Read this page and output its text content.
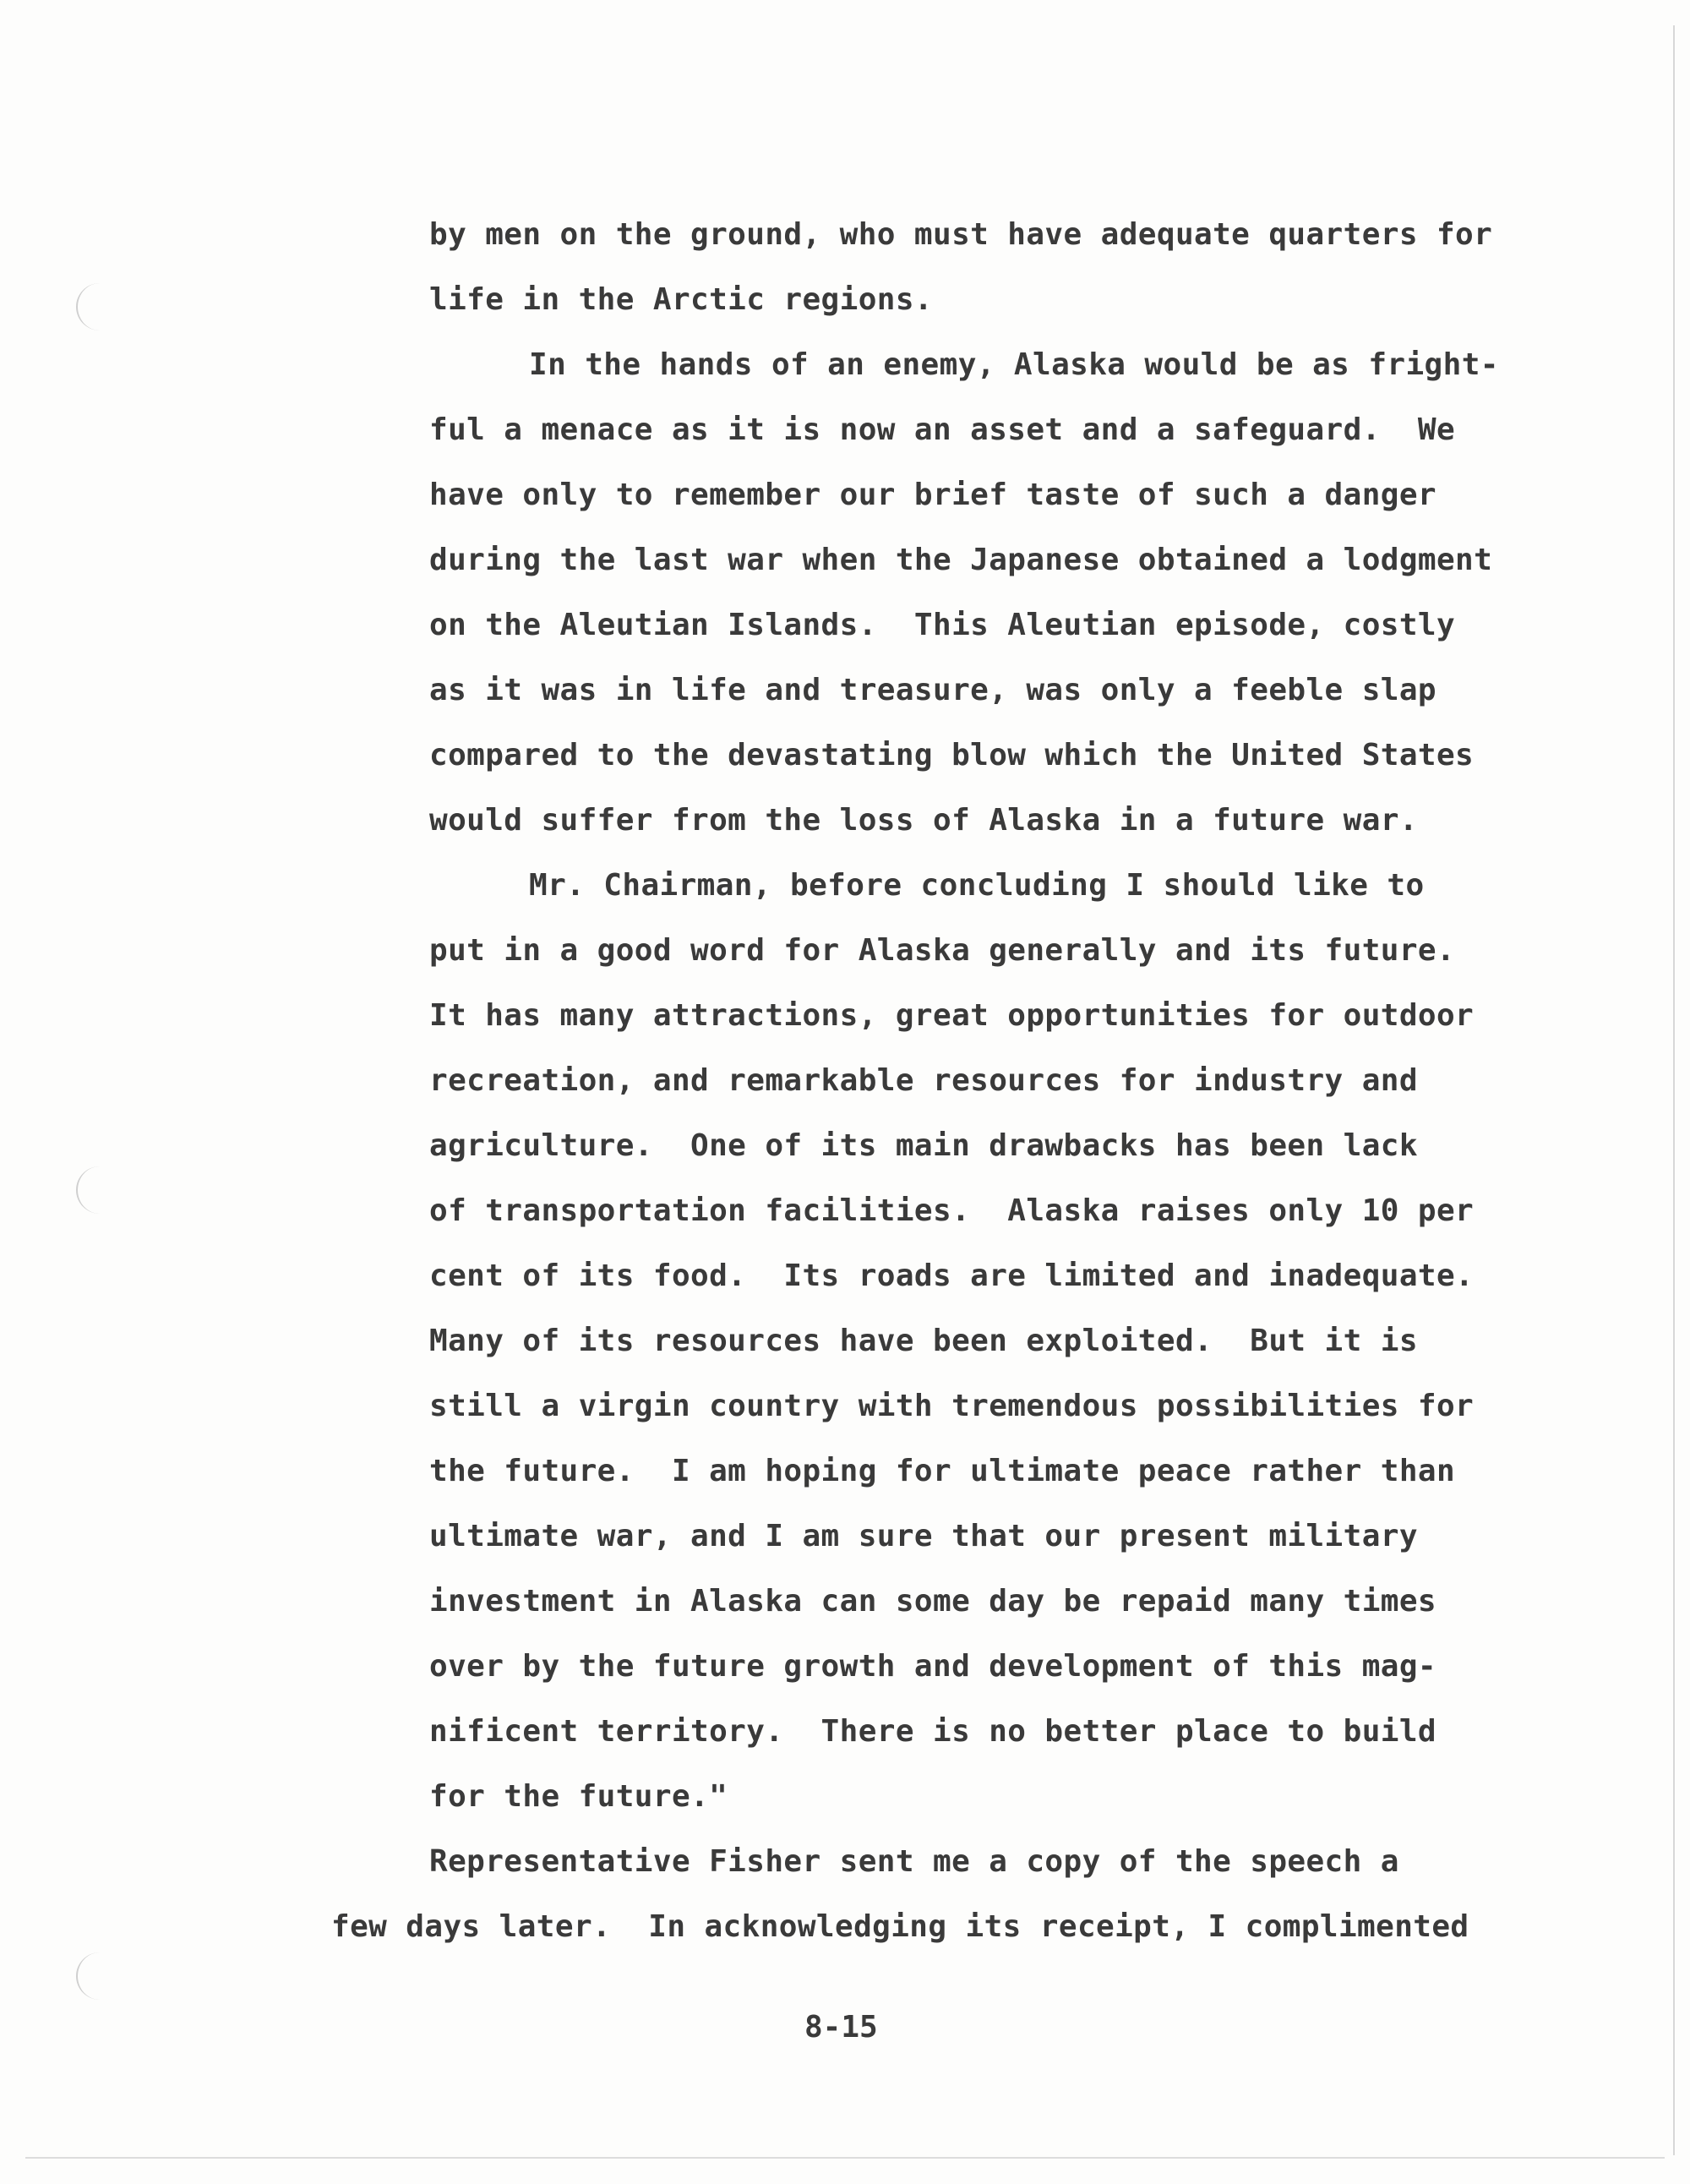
by men on the ground, who must have adequate quarters for
life in the Arctic regions.
In the hands of an enemy, Alaska would be as fright-
ful a menace as it is now an asset and a safeguard.  We
have only to remember our brief taste of such a danger
during the last war when the Japanese obtained a lodgment
on the Aleutian Islands.  This Aleutian episode, costly
as it was in life and treasure, was only a feeble slap
compared to the devastating blow which the United States
would suffer from the loss of Alaska in a future war.
Mr. Chairman, before concluding I should like to
put in a good word for Alaska generally and its future.
It has many attractions, great opportunities for outdoor
recreation, and remarkable resources for industry and
agriculture.  One of its main drawbacks has been lack
of transportation facilities.  Alaska raises only 10 per
cent of its food.  Its roads are limited and inadequate.
Many of its resources have been exploited.  But it is
still a virgin country with tremendous possibilities for
the future.  I am hoping for ultimate peace rather than
ultimate war, and I am sure that our present military
investment in Alaska can some day be repaid many times
over by the future growth and development of this mag-
nificent territory.  There is no better place to build
for the future."
Representative Fisher sent me a copy of the speech a
few days later.  In acknowledging its receipt, I complimented
8-15
